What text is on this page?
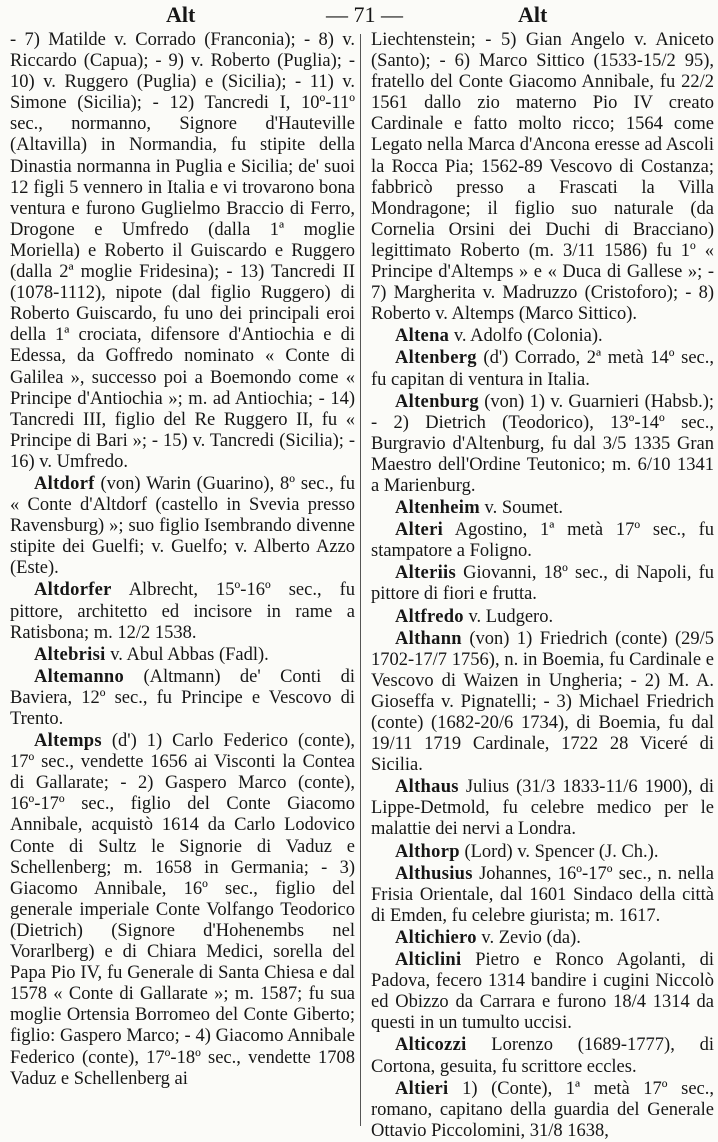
Alt	— 71 —	Alt

- 7) Matilde v. Corrado (Franconia); - 8) v. Riccardo (Capua); - 9) v. Roberto (Puglia); - 10) v. Ruggero (Puglia) e (Sicilia); - 11) v. Simone (Sicilia); - 12) Tancredi I, 10º-11º sec., normanno, Signore d'Hauteville (Altavilla) in Normandia, fu stipite della Dinastia normanna in Puglia e Sicilia; de' suoi 12 figli 5 vennero in Italia e vi trovarono bona ventura e furono Guglielmo Braccio di Ferro, Drogone e Umfredo (dalla 1ª moglie Moriella) e Roberto il Guiscardo e Ruggero (dalla 2ª moglie Fridesina); - 13) Tancredi II (1078-1112), nipote (dal figlio Ruggero) di Roberto Guiscardo, fu uno dei principali eroi della 1ª crociata, difensore d'Antiochia e di Edessa, da Goffredo nominato « Conte di Galilea », successo poi a Boemondo come « Principe d'Antiochia »; m. ad Antiochia; - 14) Tancredi III, figlio del Re Ruggero II, fu « Principe di Bari »; - 15) v. Tancredi (Sicilia); - 16) v. Umfredo.

Altdorf (von) Warin (Guarino), 8º sec., fu « Conte d'Altdorf (castello in Svevia presso Ravensburg) »; suo figlio Isembrando divenne stipite dei Guelfi; v. Guelfo; v. Alberto Azzo (Este).

Altdorfer Albrecht, 15º-16º sec., fu pittore, architetto ed incisore in rame a Ratisbona; m. 12/2 1538.

Altebrisi v. Abul Abbas (Fadl).

Altemanno (Altmann) de' Conti di Baviera, 12º sec., fu Principe e Vescovo di Trento.

Altemps (d') 1) Carlo Federico (conte), 17º sec., vendette 1656 ai Visconti la Contea di Gallarate; - 2) Gaspero Marco (conte), 16º-17º sec., figlio del Conte Giacomo Annibale, acquistò 1614 da Carlo Lodovico Conte di Sultz le Signorie di Vaduz e Schellenberg; m. 1658 in Germania; - 3) Giacomo Annibale, 16º sec., figlio del generale imperiale Conte Volfango Teodorico (Dietrich) (Signore d'Hohenembs nel Vorarlberg) e di Chiara Medici, sorella del Papa Pio IV, fu Generale di Santa Chiesa e dal 1578 « Conte di Gallarate »; m. 1587; fu sua moglie Ortensia Borromeo del Conte Giberto; figlio: Gaspero Marco; - 4) Giacomo Annibale Federico (conte), 17º-18º sec., vendette 1708 Vaduz e Schellenberg ai

Liechtenstein; - 5) Gian Angelo v. Aniceto (Santo); - 6) Marco Sittico (1533-15/2 95), fratello del Conte Giacomo Annibale, fu 22/2 1561 dallo zio materno Pio IV creato Cardinale e fatto molto ricco; 1564 come Legato nella Marca d'Ancona eresse ad Ascoli la Rocca Pia; 1562-89 Vescovo di Costanza; fabbricò presso a Frascati la Villa Mondragone; il figlio suo naturale (da Cornelia Orsini dei Duchi di Bracciano) legittimato Roberto (m. 3/11 1586) fu 1º « Principe d'Altemps » e « Duca di Gallese »; - 7) Margherita v. Madruzzo (Cristoforo); - 8) Roberto v. Altemps (Marco Sittico).

Altena v. Adolfo (Colonia).

Altenberg (d') Corrado, 2ª metà 14º sec., fu capitan di ventura in Italia.

Altenburg (von) 1) v. Guarnieri (Habsb.); - 2) Dietrich (Teodorico), 13º-14º sec., Burgravio d'Altenburg, fu dal 3/5 1335 Gran Maestro dell'Ordine Teutonico; m. 6/10 1341 a Marienburg.

Altenheim v. Soumet.

Alteri Agostino, 1ª metà 17º sec., fu stampatore a Foligno.

Alteriis Giovanni, 18º sec., di Napoli, fu pittore di fiori e frutta.

Altfredo v. Ludgero.

Althann (von) 1) Friedrich (conte) (29/5 1702-17/7 1756), n. in Boemia, fu Cardinale e Vescovo di Waizen in Ungheria; - 2) M. A. Gioseffa v. Pignatelli; - 3) Michael Friedrich (conte) (1682-20/6 1734), di Boemia, fu dal 19/11 1719 Cardinale, 1722 28 Viceré di Sicilia.

Althaus Julius (31/3 1833-11/6 1900), di Lippe-Detmold, fu celebre medico per le malattie dei nervi a Londra.

Althorp (Lord) v. Spencer (J. Ch.).

Althusius Johannes, 16º-17º sec., n. nella Frisia Orientale, dal 1601 Sindaco della città di Emden, fu celebre giurista; m. 1617.

Altichiero v. Zevio (da).

Alticlini Pietro e Ronco Agolanti, di Padova, fecero 1314 bandire i cugini Niccolò ed Obizzo da Carrara e furono 18/4 1314 da questi in un tumulto uccisi.

Alticozzi Lorenzo (1689-1777), di Cortona, gesuita, fu scrittore eccles.

Altieri 1) (Conte), 1ª metà 17º sec., romano, capitano della guardia del Generale Ottavio Piccolomini, 31/8 1638,
